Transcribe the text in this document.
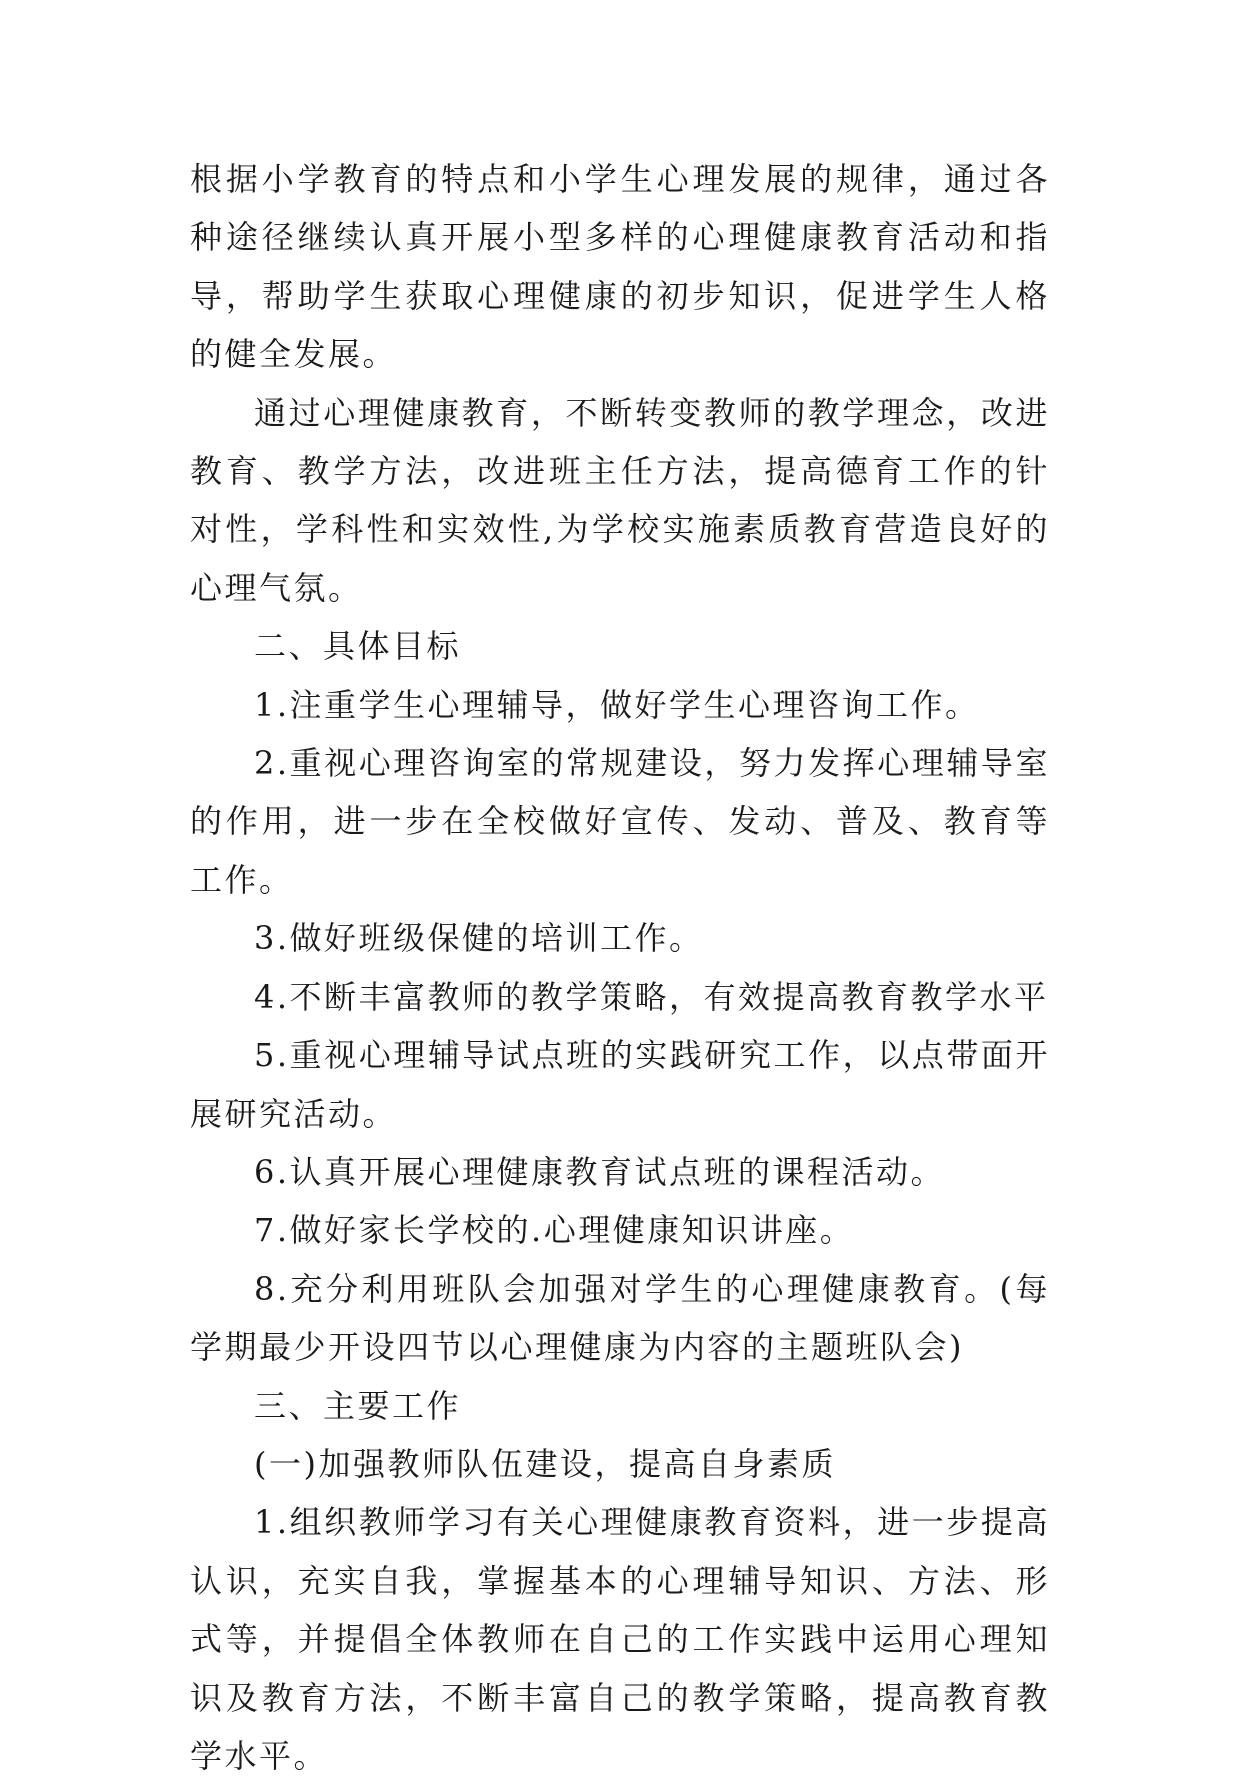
根据小学教育的特点和小学生心理发展的规律，通过各种途径继续认真开展小型多样的心理健康教育活动和指导，帮助学生获取心理健康的初步知识，促进学生人格的健全发展。

通过心理健康教育，不断转变教师的教学理念，改进教育、教学方法，改进班主任方法，提高德育工作的针对性，学科性和实效性,为学校实施素质教育营造良好的心理气氛。

二、具体目标

1.注重学生心理辅导，做好学生心理咨询工作。

2.重视心理咨询室的常规建设，努力发挥心理辅导室的作用，进一步在全校做好宣传、发动、普及、教育等工作。

3.做好班级保健的培训工作。

4.不断丰富教师的教学策略，有效提高教育教学水平

5.重视心理辅导试点班的实践研究工作，以点带面开展研究活动。

6.认真开展心理健康教育试点班的课程活动。

7.做好家长学校的.心理健康知识讲座。

8.充分利用班队会加强对学生的心理健康教育。(每学期最少开设四节以心理健康为内容的主题班队会)

三、主要工作

(一)加强教师队伍建设，提高自身素质

1.组织教师学习有关心理健康教育资料，进一步提高认识，充实自我，掌握基本的心理辅导知识、方法、形式等，并提倡全体教师在自己的工作实践中运用心理知识及教育方法，不断丰富自己的教学策略，提高教育教学水平。
